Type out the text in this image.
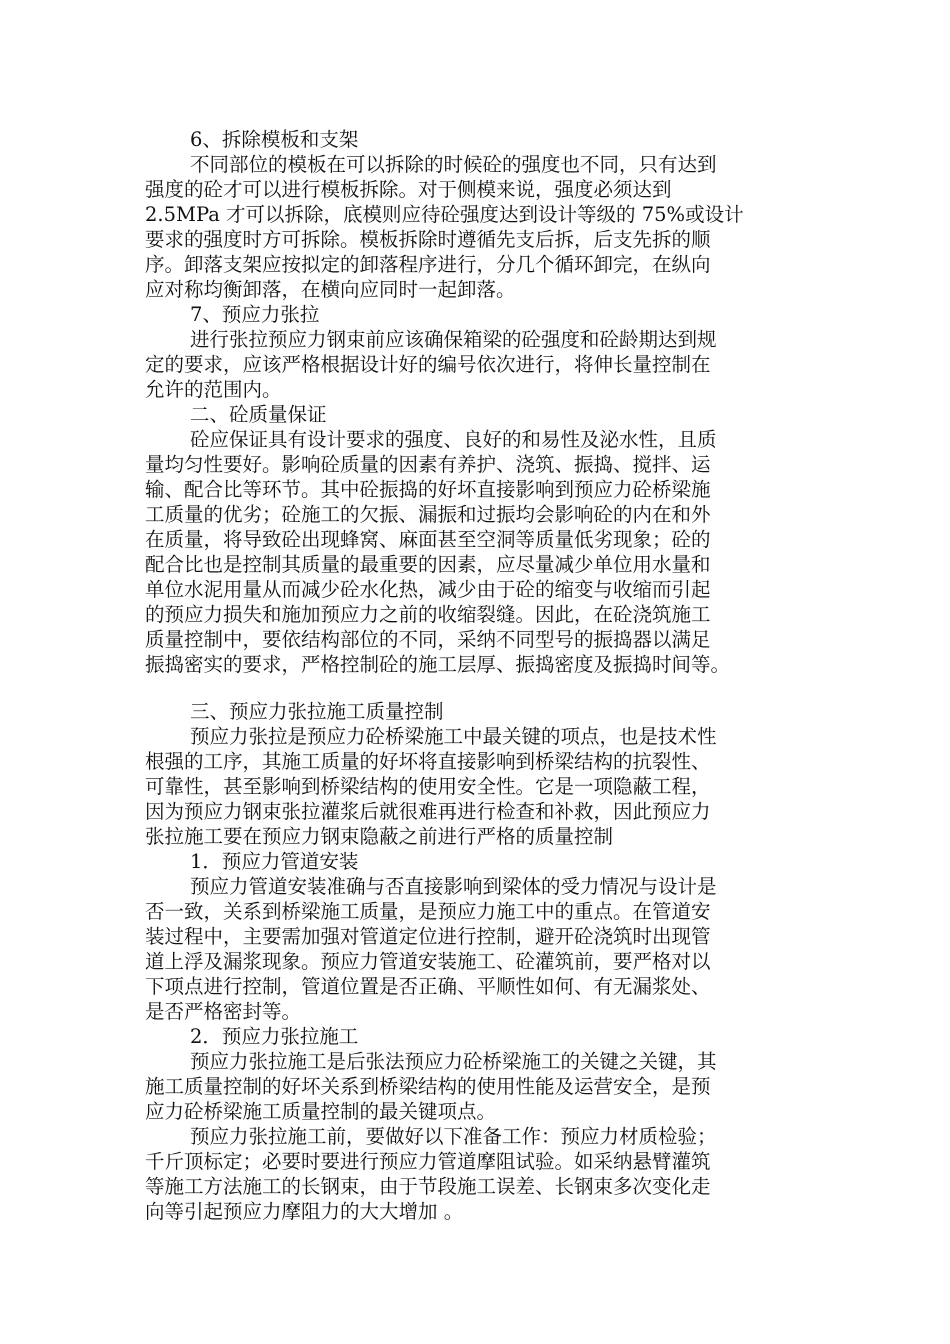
6、拆除模板和支架
不同部位的模板在可以拆除的时候砼的强度也不同，只有达到
强度的砼才可以进行模板拆除。对于侧模来说，强度必须达到
2.5MPa 才可以拆除，底模则应待砼强度达到设计等级的 75%或设计
要求的强度时方可拆除。模板拆除时遵循先支后拆，后支先拆的顺
序。卸落支架应按拟定的卸落程序进行，分几个循环卸完，在纵向
应对称均衡卸落，在横向应同时一起卸落。
7、预应力张拉
进行张拉预应力钢束前应该确保箱梁的砼强度和砼龄期达到规
定的要求，应该严格根据设计好的编号依次进行，将伸长量控制在
允许的范围内。
二、砼质量保证
砼应保证具有设计要求的强度、良好的和易性及泌水性，且质
量均匀性要好。影响砼质量的因素有养护、浇筑、振捣、搅拌、运
输、配合比等环节。其中砼振捣的好坏直接影响到预应力砼桥梁施
工质量的优劣；砼施工的欠振、漏振和过振均会影响砼的内在和外
在质量，将导致砼出现蜂窝、麻面甚至空洞等质量低劣现象；砼的
配合比也是控制其质量的最重要的因素，应尽量减少单位用水量和
单位水泥用量从而减少砼水化热，减少由于砼的缩变与收缩而引起
的预应力损失和施加预应力之前的收缩裂缝。因此，在砼浇筑施工
质量控制中，要依结构部位的不同，采纳不同型号的振捣器以满足
振捣密实的要求，严格控制砼的施工层厚、振捣密度及振捣时间等。
三、预应力张拉施工质量控制
预应力张拉是预应力砼桥梁施工中最关键的项点，也是技术性
根强的工序，其施工质量的好坏将直接影响到桥梁结构的抗裂性、
可靠性，甚至影响到桥梁结构的使用安全性。它是一项隐蔽工程，
因为预应力钢束张拉灌浆后就很难再进行检查和补救，因此预应力
张拉施工要在预应力钢束隐蔽之前进行严格的质量控制
1．预应力管道安装
预应力管道安装准确与否直接影响到梁体的受力情况与设计是
否一致，关系到桥梁施工质量，是预应力施工中的重点。在管道安
装过程中，主要需加强对管道定位进行控制，避开砼浇筑时出现管
道上浮及漏浆现象。预应力管道安装施工、砼灌筑前，要严格对以
下项点进行控制，管道位置是否正确、平顺性如何、有无漏浆处、
是否严格密封等。
2．预应力张拉施工
预应力张拉施工是后张法预应力砼桥梁施工的关键之关键，其
施工质量控制的好坏关系到桥梁结构的使用性能及运营安全，是预
应力砼桥梁施工质量控制的最关键项点。
预应力张拉施工前，要做好以下准备工作：预应力材质检验；
千斤顶标定；必要时要进行预应力管道摩阻试验。如采纳悬臂灌筑
等施工方法施工的长钢束，由于节段施工误差、长钢束多次变化走
向等引起预应力摩阻力的大大增加 。
